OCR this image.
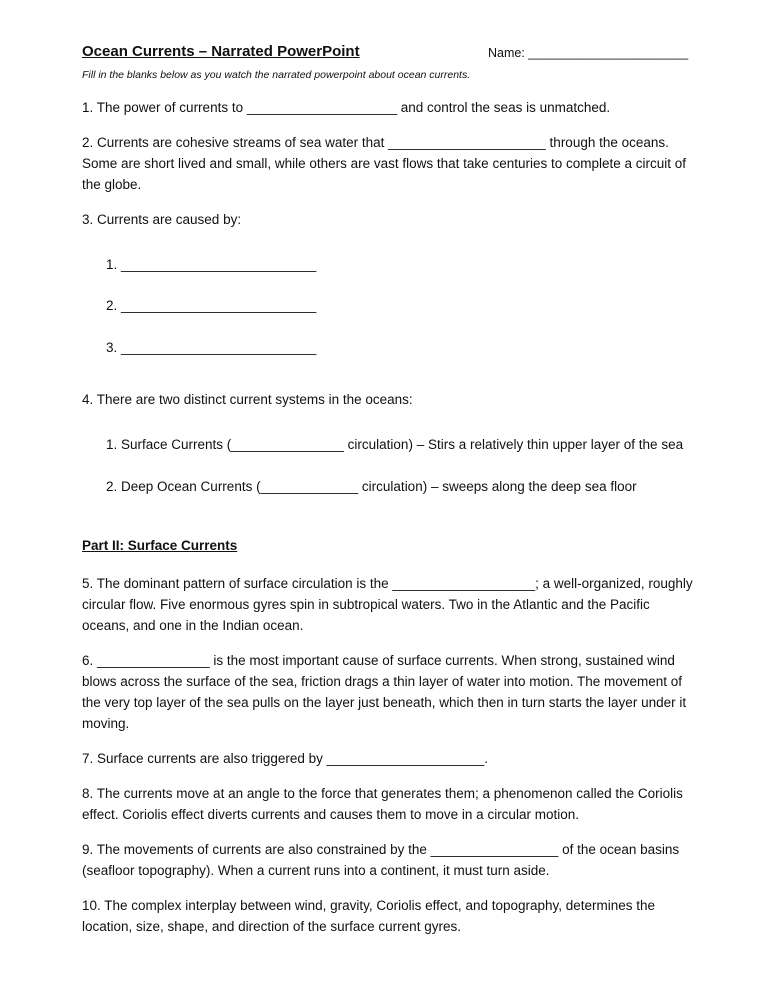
Ocean Currents – Narrated PowerPoint	Name: _______________________
Fill in the blanks below as you watch the narrated powerpoint about ocean currents.
1. The power of currents to ____________________ and control the seas is unmatched.
2. Currents are cohesive streams of sea water that _____________________ through the oceans. Some are short lived and small, while others are vast flows that take centuries to complete a circuit of the globe.
3. Currents are caused by:
1. __________________________
2. __________________________
3. __________________________
4. There are two distinct current systems in the oceans:
1. Surface Currents (_______________ circulation) – Stirs a relatively thin upper layer of the sea
2. Deep Ocean Currents (_____________ circulation) – sweeps along the deep sea floor
Part II: Surface Currents
5. The dominant pattern of surface circulation is the ___________________; a well-organized, roughly circular flow. Five enormous gyres spin in subtropical waters. Two in the Atlantic and the Pacific oceans, and one in the Indian ocean.
6. _______________ is the most important cause of surface currents. When strong, sustained wind blows across the surface of the sea, friction drags a thin layer of water into motion. The movement of the very top layer of the sea pulls on the layer just beneath, which then in turn starts the layer under it moving.
7. Surface currents are also triggered by _____________________.
8. The currents move at an angle to the force that generates them; a phenomenon called the Coriolis effect. Coriolis effect diverts currents and causes them to move in a circular motion.
9. The movements of currents are also constrained by the _________________ of the ocean basins (seafloor topography). When a current runs into a continent, it must turn aside.
10. The complex interplay between wind, gravity, Coriolis effect, and topography, determines the location, size, shape, and direction of the surface current gyres.
